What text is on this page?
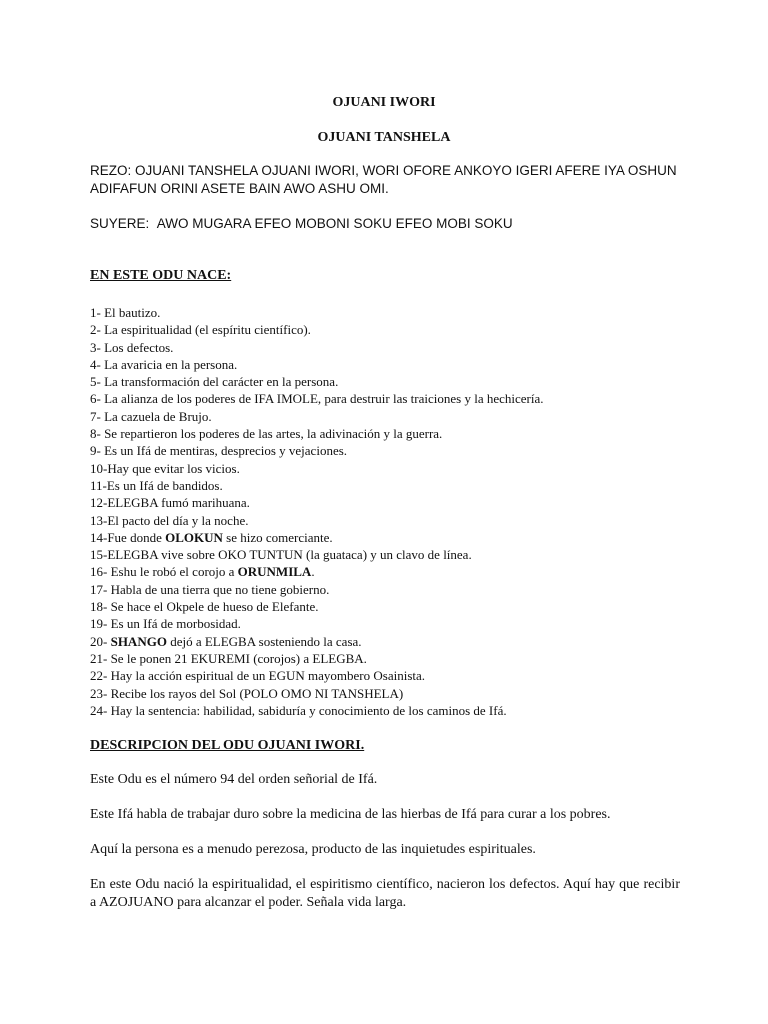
OJUANI IWORI
OJUANI TANSHELA

REZO: OJUANI TANSHELA OJUANI IWORI, WORI OFORE ANKOYO IGERI AFERE IYA OSHUN ADIFAFUN ORINI ASETE BAIN AWO ASHU OMI.

SUYERE: AWO MUGARA EFEO MOBONI SOKU EFEO MOBI SOKU

EN ESTE ODU NACE:
1- El bautizo.
2- La espiritualidad (el espíritu científico).
3- Los defectos.
4- La avaricia en la persona.
5- La transformación del carácter en la persona.
6- La alianza de los poderes de IFA IMOLE, para destruir las traiciones y la hechicería.
7- La cazuela de Brujo.
8- Se repartieron los poderes de las artes, la adivinación y la guerra.
9- Es un Ifá de mentiras, desprecios y vejaciones.
10-Hay que evitar los vicios.
11-Es un Ifá de bandidos.
12-ELEGBA fumó marihuana.
13-El pacto del día y la noche.
14-Fue donde OLOKUN se hizo comerciante.
15-ELEGBA vive sobre OKO TUNTUN (la guataca) y un clavo de línea.
16- Eshu le robó el corojo a ORUNMILA.
17- Habla de una tierra que no tiene gobierno.
18- Se hace el Okpele de hueso de Elefante.
19- Es un Ifá de morbosidad.
20- SHANGO dejó a ELEGBA sosteniendo la casa.
21- Se le ponen 21 EKUREMI (corojos) a ELEGBA.
22- Hay la acción espiritual de un EGUN mayombero Osainista.
23- Recibe los rayos del Sol (POLO OMO NI TANSHELA)
24- Hay la sentencia: habilidad, sabiduría y conocimiento de los caminos de Ifá.
DESCRIPCION DEL ODU OJUANI IWORI.

Este Odu es el número 94 del orden señorial de Ifá.

Este Ifá habla de trabajar duro sobre la medicina de las hierbas de Ifá para curar a los pobres.

Aquí la persona es a menudo perezosa, producto de las inquietudes espirituales.

En este Odu nació la espiritualidad, el espiritismo científico, nacieron los defectos. Aquí hay que recibir a AZOJUANO para alcanzar el poder. Señala vida larga.
